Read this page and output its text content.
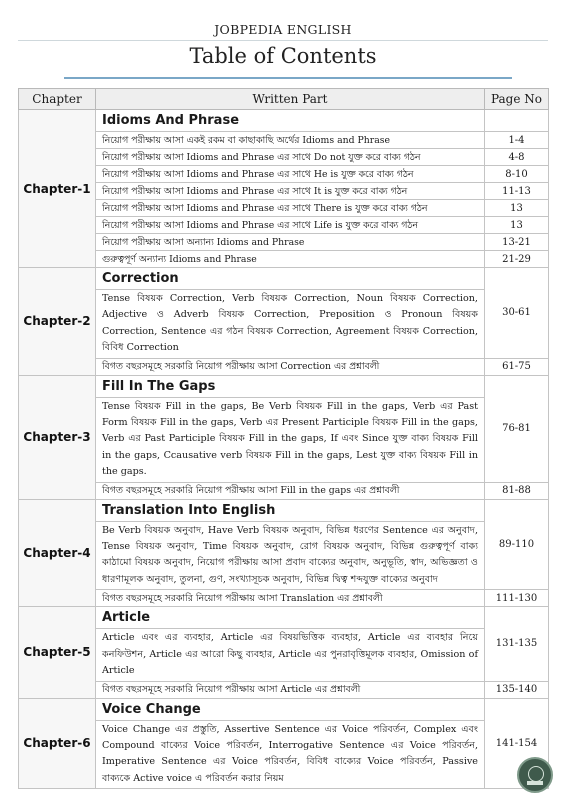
JOBPEDIA ENGLISH
Table of Contents
Chapter	Written Part	Page No
Chapter-1	Idioms And Phrase	
	নিয়োগ পরীক্ষায় আসা একই রকম বা কাছাকাছি অর্থের Idioms and Phrase	1-4
	নিয়োগ পরীক্ষায় আসা Idioms and Phrase এর সাথে Do not যুক্ত করে বাক্য গঠন	4-8
	নিয়োগ পরীক্ষায় আসা Idioms and Phrase এর সাথে He is যুক্ত করে বাক্য গঠন	8-10
	নিয়োগ পরীক্ষায় আসা Idioms and Phrase এর সাথে It is যুক্ত করে বাক্য গঠন	11-13
	নিয়োগ পরীক্ষায় আসা Idioms and Phrase এর সাথে There is যুক্ত করে বাক্য গঠন	13
	নিয়োগ পরীক্ষায় আসা Idioms and Phrase এর সাথে Life is যুক্ত করে বাক্য গঠন	13
	নিয়োগ পরীক্ষায় আসা অন্যান্য Idioms and Phrase	13-21
	গুরুত্বপূর্ণ অন্যান্য Idioms and Phrase	21-29
Chapter-2	Correction	30-61
	Tense বিষয়ক Correction, Verb বিষয়ক Correction, Noun বিষয়ক Correction, Adjective ও Adverb বিষয়ক Correction, Preposition ও Pronoun বিষয়ক Correction, Sentence এর গঠন বিষয়ক Correction, Agreement বিষয়ক Correction, বিবিধ Correction	
	বিগত বছরসমূহে সরকারি নিয়োগ পরীক্ষায় আসা Correction এর প্রশ্নাবলী	61-75
Chapter-3	Fill In The Gaps	76-81
	Tense বিষয়ক Fill in the gaps, Be Verb বিষয়ক Fill in the gaps, Verb এর Past Form বিষয়ক Fill in the gaps, Verb এর Present Participle বিষয়ক Fill in the gaps, Verb এর Past Participle বিষয়ক Fill in the gaps, If এবং Since যুক্ত বাক্য বিষয়ক Fill in the gaps, Ccausative verb বিষয়ক Fill in the gaps, Lest যুক্ত বাক্য বিষয়ক Fill in the gaps.	
	বিগত বছরসমূহে সরকারি নিয়োগ পরীক্ষায় আসা Fill in the gaps এর প্রশ্নাবলী	81-88
Chapter-4	Translation Into English	89-110
	Be Verb বিষয়ক অনুবাদ, Have Verb বিষয়ক অনুবাদ, বিভিন্ন ধরণের Sentence এর অনুবাদ, Tense বিষয়ক অনুবাদ, Time বিষয়ক অনুবাদ, রোগ বিষয়ক অনুবাদ, বিভিন্ন গুরুত্বপূর্ণ বাক্য কাঠামো বিষয়ক অনুবাদ, নিয়োগ পরীক্ষায় আসা প্রবাদ বাক্যের অনুবাদ, অনুভূতি, স্বাদ, অভিজ্ঞতা ও ধারণামূলক অনুবাদ, তুলনা, গুণ, সংখ্যাসূচক অনুবাদ, বিভিন্ন দ্বিত্ব শব্দযুক্ত বাক্যের অনুবাদ	
	বিগত বছরসমূহে সরকারি নিয়োগ পরীক্ষায় আসা Translation এর প্রশ্নাবলী	111-130
Chapter-5	Article	131-135
	Article এবং এর ব্যবহার, Article এর বিষয়ভিত্তিক ব্যবহার, Article এর ব্যবহার নিয়ে কনফিউশন, Article এর আরো কিছু ব্যবহার, Article এর পুনরাবৃত্তিমূলক ব্যবহার, Omission of Article	
	বিগত বছরসমূহে সরকারি নিয়োগ পরীক্ষায় আসা Article এর প্রশ্নাবলী	135-140
Chapter-6	Voice Change	141-154
	Voice Change এর প্রস্তুতি, Assertive Sentence এর Voice পরিবর্তন, Complex এবং Compound বাক্যের Voice পরিবর্তন, Interrogative Sentence এর Voice পরিবর্তন, Imperative Sentence এর Voice পরিবর্তন, বিবিধ বাক্যের Voice পরিবর্তন, Passive বাক্যকে Active voice এ পরিবর্তন করার নিয়ম	
